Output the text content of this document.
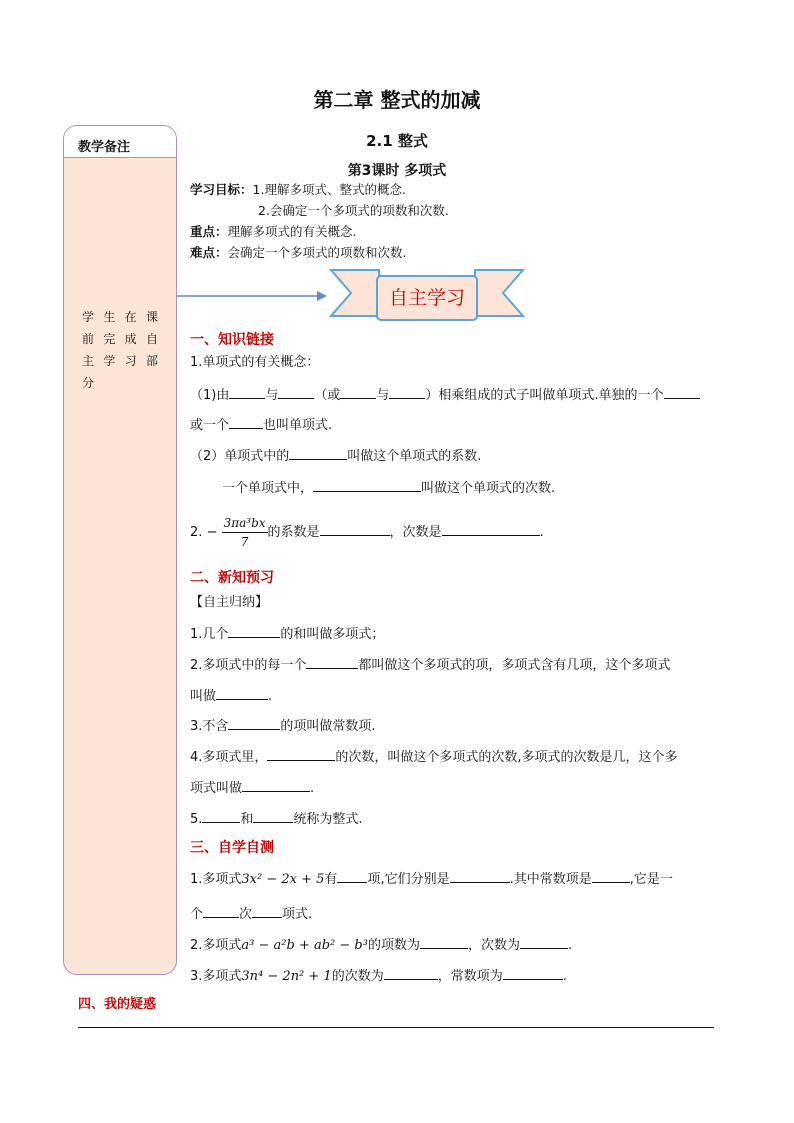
第二章 整式的加减
2.1 整式
第3课时 多项式
教学备注
学生在课前完成自主学习部分
学习目标：1.理解多项式、整式的概念.
2.会确定一个多项式的项数和次数.
重点：理解多项式的有关概念.
难点：会确定一个多项式的项数和次数.
自主学习
一、知识链接
1.单项式的有关概念：
（1)由	与	（或	与	）相乘组成的式子叫做单项式.单独的一个
或一个	也叫单项式.
（2）单项式中的	叫做这个单项式的系数.
一个单项式中，	叫做这个单项式的次数.
2. − $\frac{\text{3πa³bx}}{7}$ 的系数是	，次数是	.
二、新知预习
【自主归纳】
1.几个	的和叫做多项式；
2.多项式中的每一个	都叫做这个多项式的项，多项式含有几项，这个多项式
叫做	.
3.不含	的项叫做常数项.
4.多项式里，	的次数，叫做这个多项式的次数,多项式的次数是几，这个多
项式叫做	.
5.	和	统称为整式.
三、自学自测
1.多项式3x² − 2x + 5有 项,它们分别是	.其中常数项是	,它是一
个	次 项式.
2.多项式a³ − a²b + ab² − b³的项数为	，次数为	.
3.多项式3n⁴ − 2n² + 1的次数为	，常数项为	.
四、我的疑惑
